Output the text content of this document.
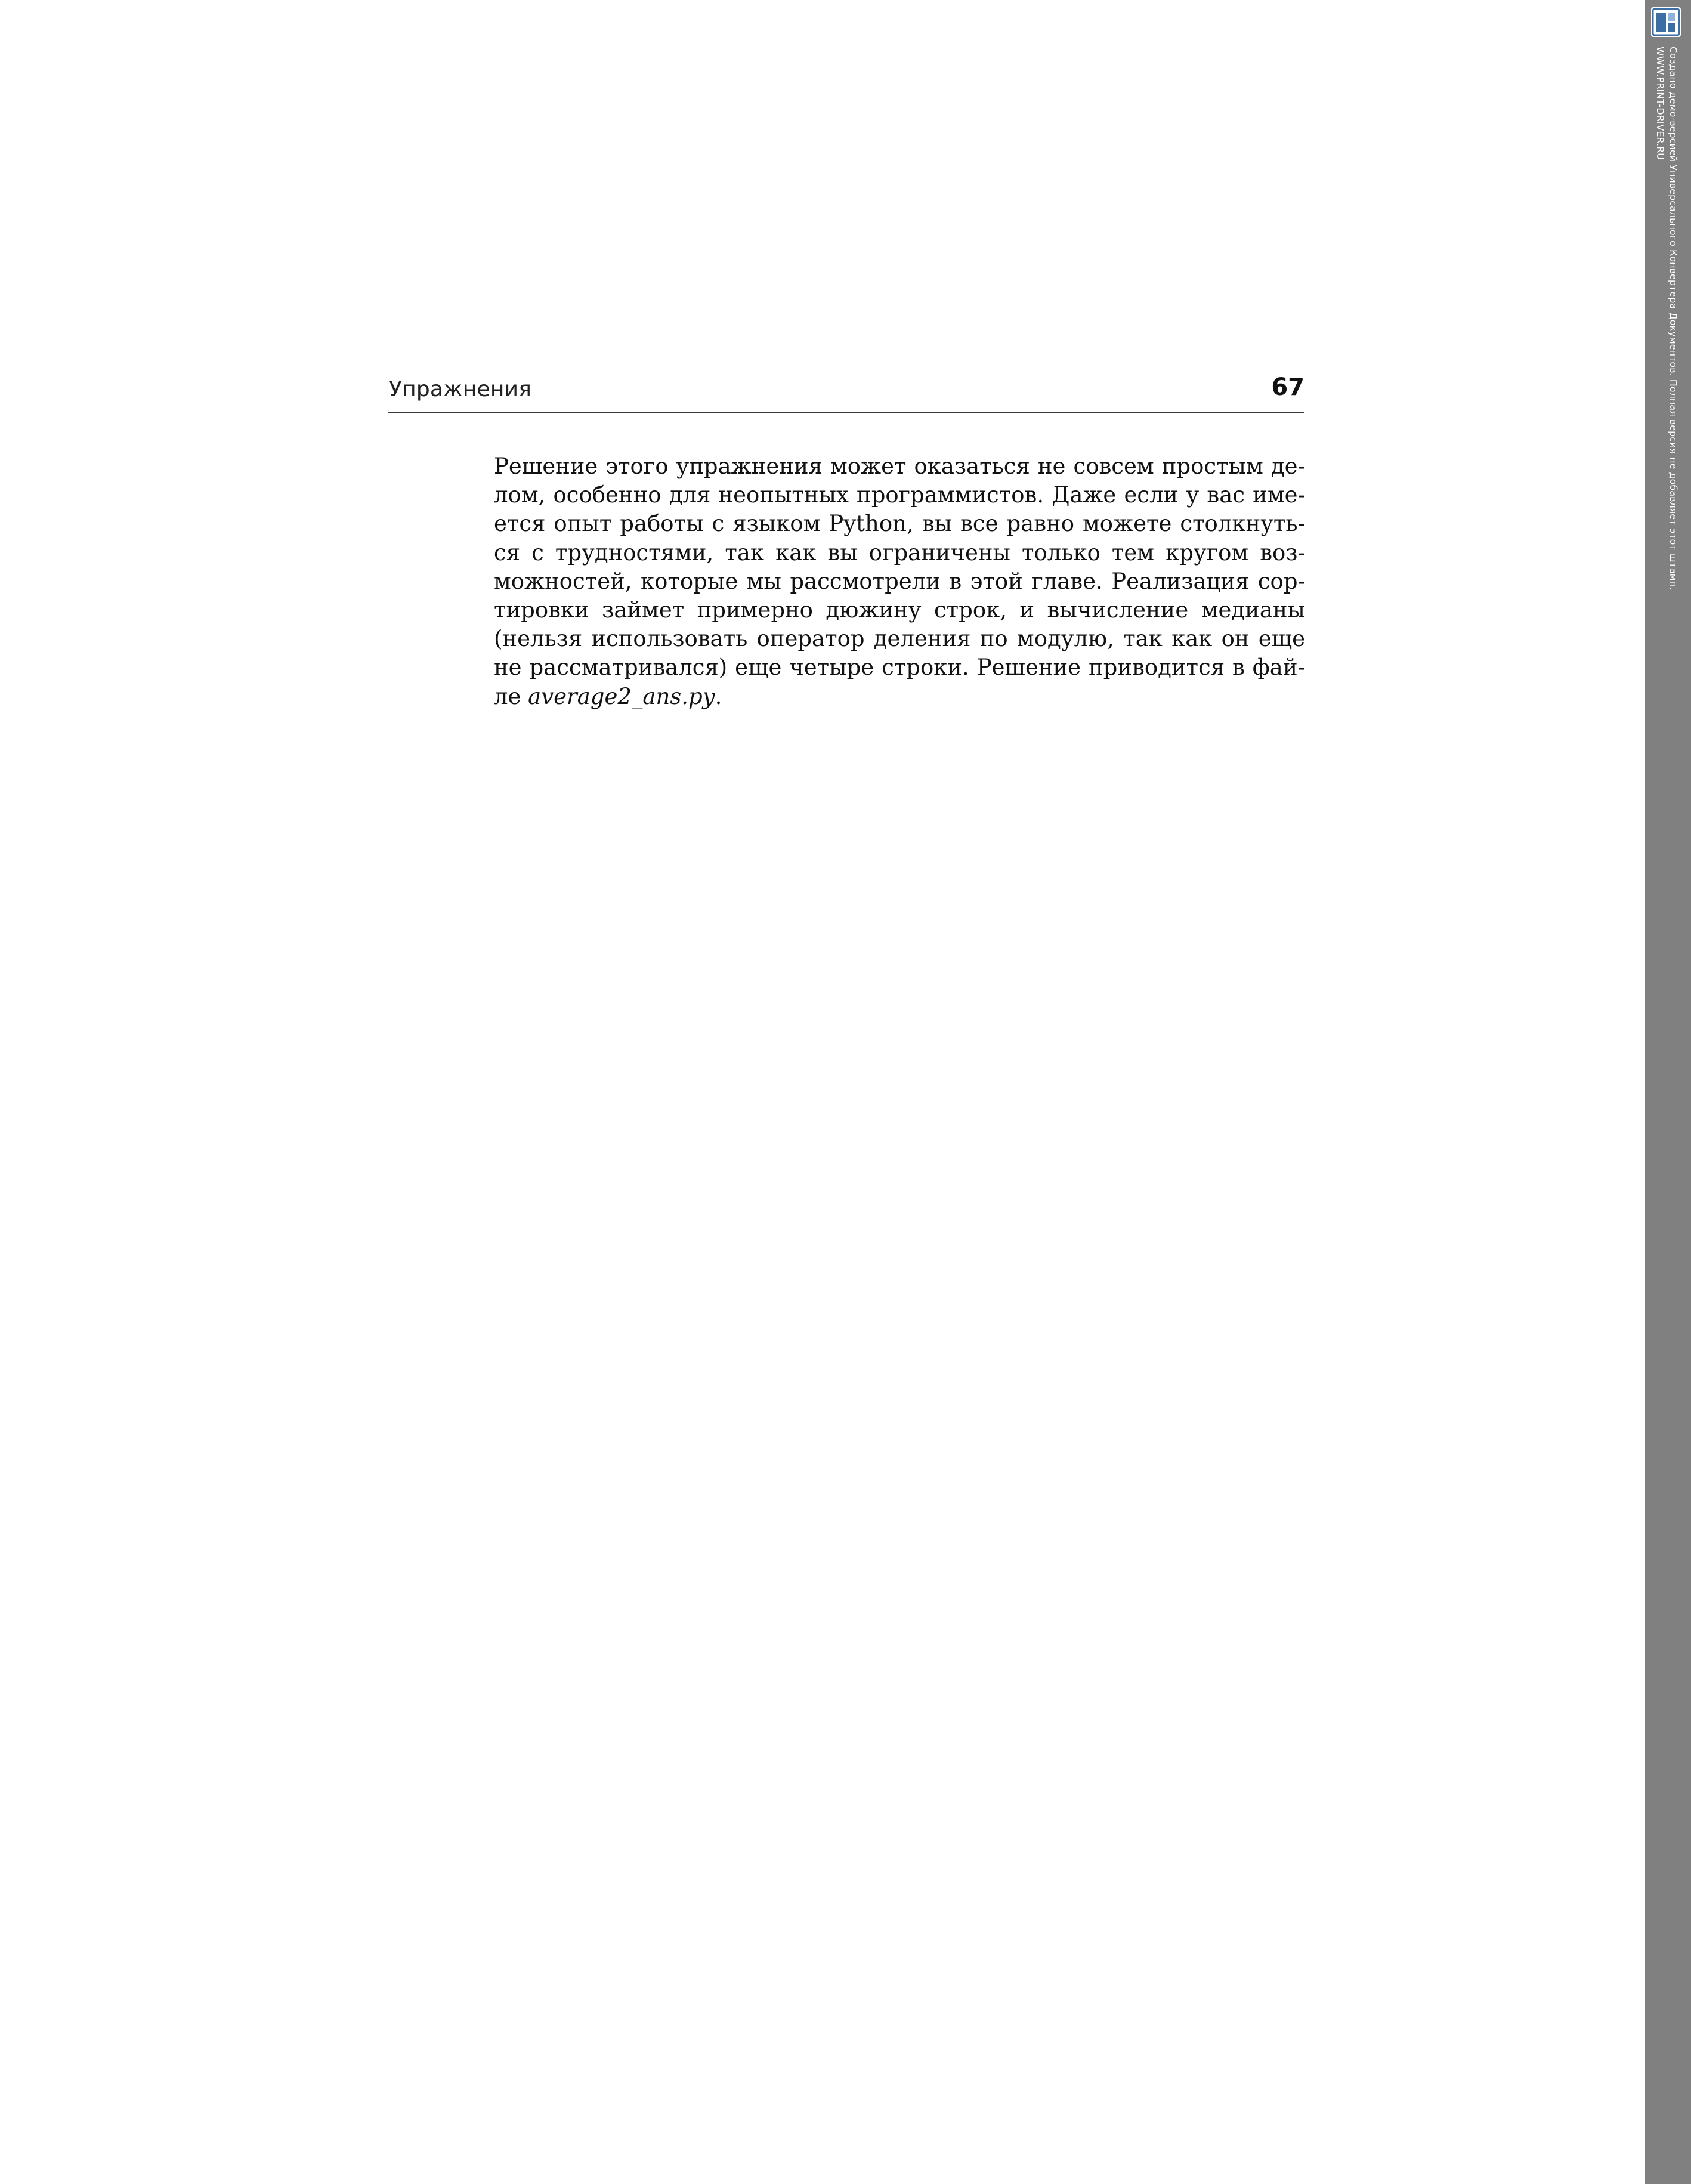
Упражнения	67

Решение этого упражнения может оказаться не совсем простым де-
лом, особенно для неопытных программистов. Даже если у вас име-
ется опыт работы с языком Python, вы все равно можете столкнуть-
ся с трудностями, так как вы ограничены только тем кругом воз-
можностей, которые мы рассмотрели в этой главе. Реализация сор-
тировки займет примерно дюжину строк, и вычисление медианы
(нельзя использовать оператор деления по модулю, так как он еще
не рассматривался) еще четыре строки. Решение приводится в фай-
ле average2_ans.py.

Создано демо-версией Универсального Конвертера Документов. Полная версия не добавляет этот штамп.
WWW.PRINT-DRIVER.RU
